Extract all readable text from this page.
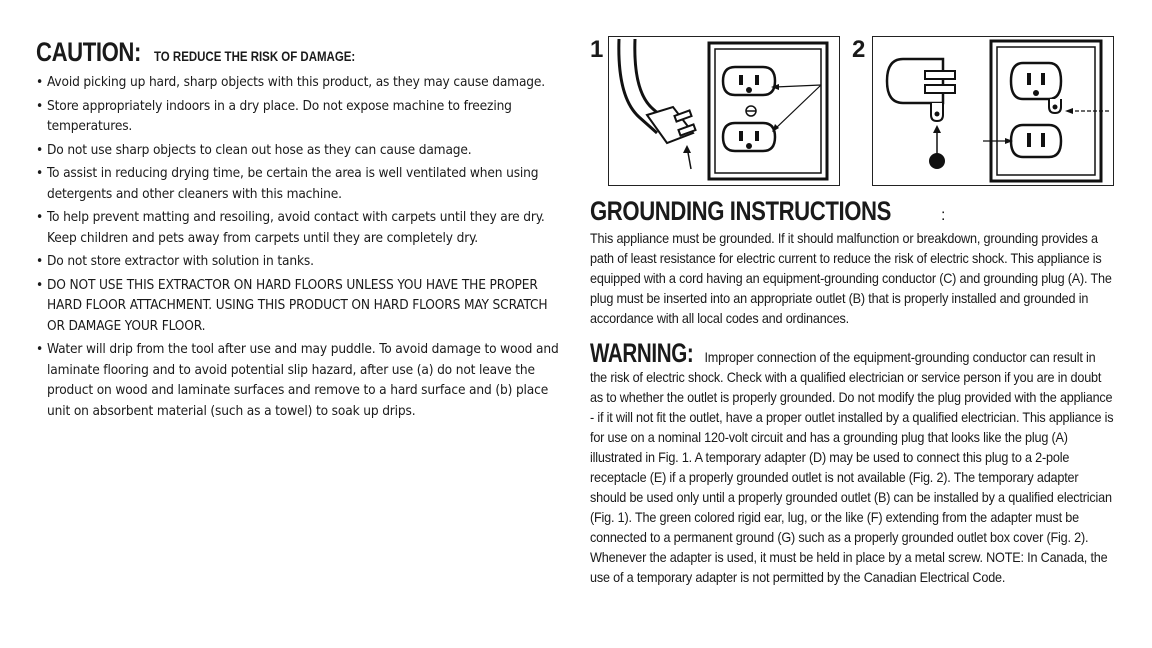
CAUTION: TO REDUCE THE RISK OF DAMAGE:
• Avoid picking up hard, sharp objects with this product, as they may cause damage.
• Store appropriately indoors in a dry place. Do not expose machine to freezing temperatures.
• Do not use sharp objects to clean out hose as they can cause damage.
• To assist in reducing drying time, be certain the area is well ventilated when using detergents and other cleaners with this machine.
• To help prevent matting and resoiling, avoid contact with carpets until they are dry. Keep children and pets away from carpets until they are completely dry.
• Do not store extractor with solution in tanks.
• DO NOT USE THIS EXTRACTOR ON HARD FLOORS UNLESS YOU HAVE THE PROPER HARD FLOOR ATTACHMENT. USING THIS PRODUCT ON HARD FLOORS MAY SCRATCH OR DAMAGE YOUR FLOOR.
• Water will drip from the tool after use and may puddle. To avoid damage to wood and laminate flooring and to avoid potential slip hazard, after use (a) do not leave the product on wood and laminate surfaces and remove to a hard surface and (b) place unit on absorbent material (such as a towel) to soak up drips.
1	2
GROUNDING INSTRUCTIONS	:

This appliance must be grounded. If it should malfunction or breakdown, grounding provides a path of least resistance for electric current to reduce the risk of electric shock. This appliance is equipped with a cord having an equipment-grounding conductor (C) and grounding plug (A). The plug must be inserted into an appropriate outlet (B) that is properly installed and grounded in accordance with all local codes and ordinances.

WARNING: Improper connection of the equipment-grounding conductor can result in the risk of electric shock. Check with a qualified electrician or service person if you are in doubt as to whether the outlet is properly grounded. Do not modify the plug provided with the appliance - if it will not fit the outlet, have a proper outlet installed by a qualified electrician. This appliance is for use on a nominal 120-volt circuit and has a grounding plug that looks like the plug (A) illustrated in Fig. 1. A temporary adapter (D) may be used to connect this plug to a 2-pole receptacle (E) if a properly grounded outlet is not available (Fig. 2). The temporary adapter should be used only until a properly grounded outlet (B) can be installed by a qualified electrician (Fig. 1). The green colored rigid ear, lug, or the like (F) extending from the adapter must be connected to a permanent ground (G) such as a properly grounded outlet box cover (Fig. 2). Whenever the adapter is used, it must be held in place by a metal screw. NOTE: In Canada, the use of a temporary adapter is not permitted by the Canadian Electrical Code.
